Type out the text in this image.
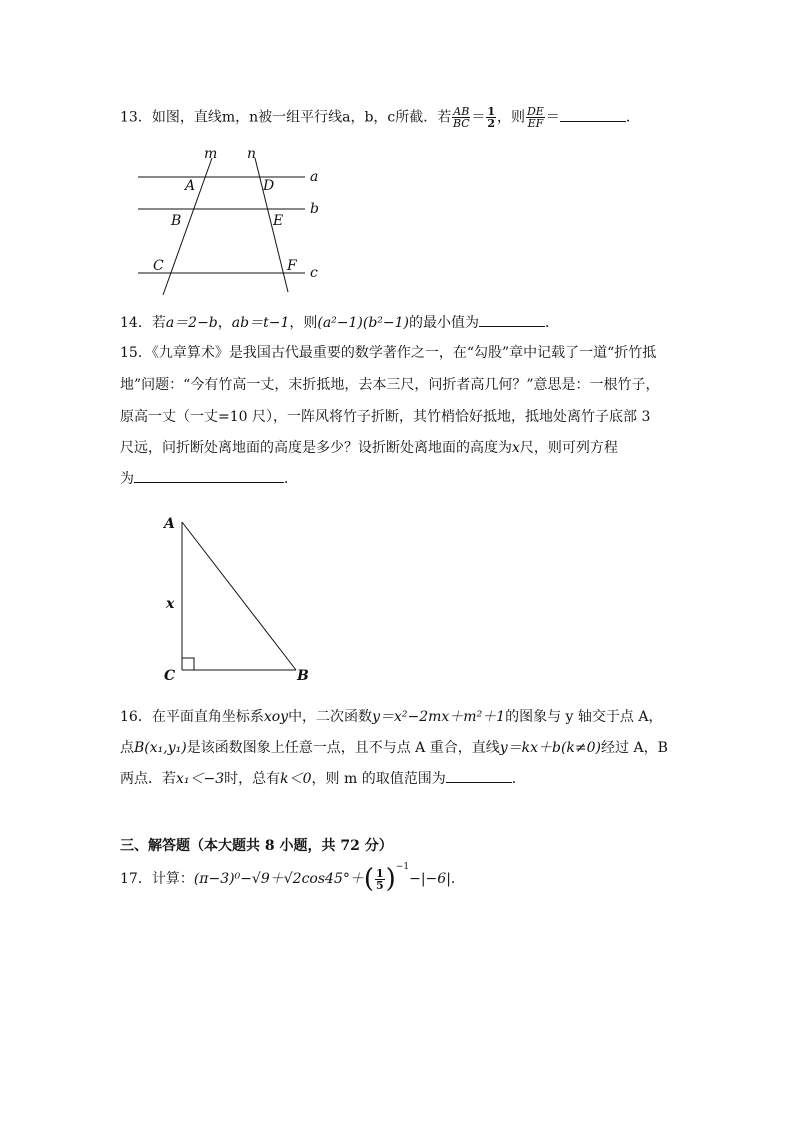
13．如图，直线m，n被一组平行线a，b，c所截．若 $\frac{AB}{BC} = \frac{1}{2}$ ，则 $\frac{DE}{EF}$ ＝	．
m n
a
b
c
A	D
B	E
C	F
14．若a＝2−b，ab＝t−1，则(a²−1)(b²−1)的最小值为	．
15．《九章算术》是我国古代最重要的数学著作之一，在“勾股”章中记载了一道“折竹抵
地”问题：“今有竹高一丈，末折抵地，去本三尺，问折者高几何？”意思是：一根竹子，
原高一丈（一丈=10 尺），一阵风将竹子折断，其竹梢恰好抵地，抵地处离竹子底部 3
尺远，问折断处离地面的高度是多少？设折断处离地面的高度为x尺，则可列方程
为	．
A
x
C	B
16．在平面直角坐标系xoy中，二次函数y＝x²−2mx＋m²＋1的图象与 y 轴交于点 A，
点B(x₁,y₁)是该函数图象上任意一点，且不与点 A 重合，直线y＝kx＋b(k≠0)经过 A，B
两点．若x₁＜−3时，总有k＜0，则 m 的取值范围为	．
三、解答题（本大题共 8 小题，共 72 分）
17．计算：(π−3)⁰−√9＋√2cos45°＋ ( $\frac{1}{5}$ ) $^{-1}$−|−6|．
